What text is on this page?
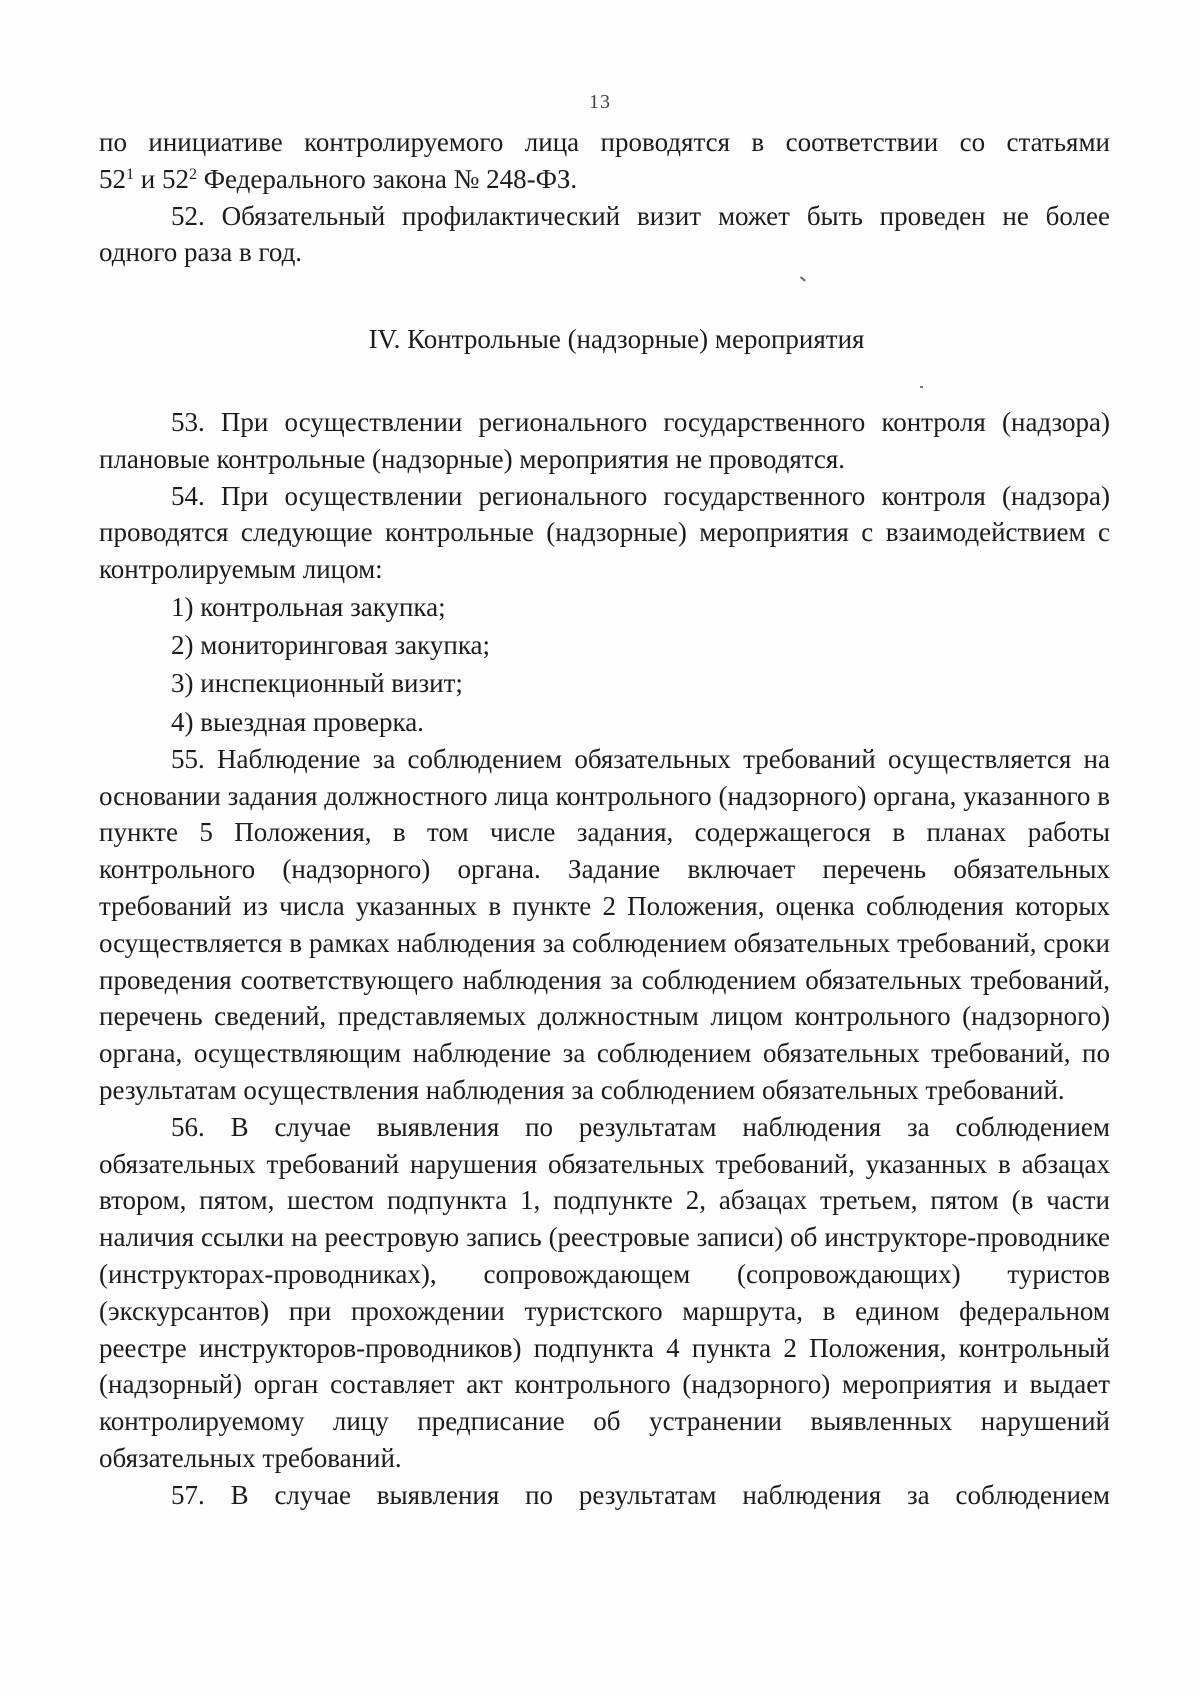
13

по инициативе контролируемого лица проводятся в соответствии со статьями

$52^1$ и $52^2$ Федерального закона № 248-ФЗ.

52. Обязательный профилактический визит может быть проведен не более одного раза в год.

IV. Контрольные (надзорные) мероприятия

53. При осуществлении регионального государственного контроля (надзора) плановые контрольные (надзорные) мероприятия не проводятся.

54. При осуществлении регионального государственного контроля (надзора) проводятся следующие контрольные (надзорные) мероприятия с взаимодействием с контролируемым лицом:

1) контрольная закупка;

2) мониторинговая закупка;

3) инспекционный визит;

4) выездная проверка.

55. Наблюдение за соблюдением обязательных требований осуществляется на основании задания должностного лица контрольного (надзорного) органа, указанного в пункте 5 Положения, в том числе задания, содержащегося в планах работы контрольного (надзорного) органа. Задание включает перечень обязательных требований из числа указанных в пункте 2 Положения, оценка соблюдения которых осуществляется в рамках наблюдения за соблюдением обязательных требований, сроки проведения соответствующего наблюдения за соблюдением обязательных требований, перечень сведений, представляемых должностным лицом контрольного (надзорного) органа, осуществляющим наблюдение за соблюдением обязательных требований, по результатам осуществления наблюдения за соблюдением обязательных требований.

56. В случае выявления по результатам наблюдения за соблюдением обязательных требований нарушения обязательных требований, указанных в абзацах втором, пятом, шестом подпункта 1, подпункте 2, абзацах третьем, пятом (в части наличия ссылки на реестровую запись (реестровые записи) об инструкторе-проводнике (инструкторах-проводниках), сопровождающем (сопровождающих) туристов (экскурсантов) при прохождении туристского маршрута, в едином федеральном реестре инструкторов-проводников) подпункта 4 пункта 2 Положения, контрольный (надзорный) орган составляет акт контрольного (надзорного) мероприятия и выдает контролируемому лицу предписание об устранении выявленных нарушений обязательных требований.

57. В случае выявления по результатам наблюдения за соблюдением
